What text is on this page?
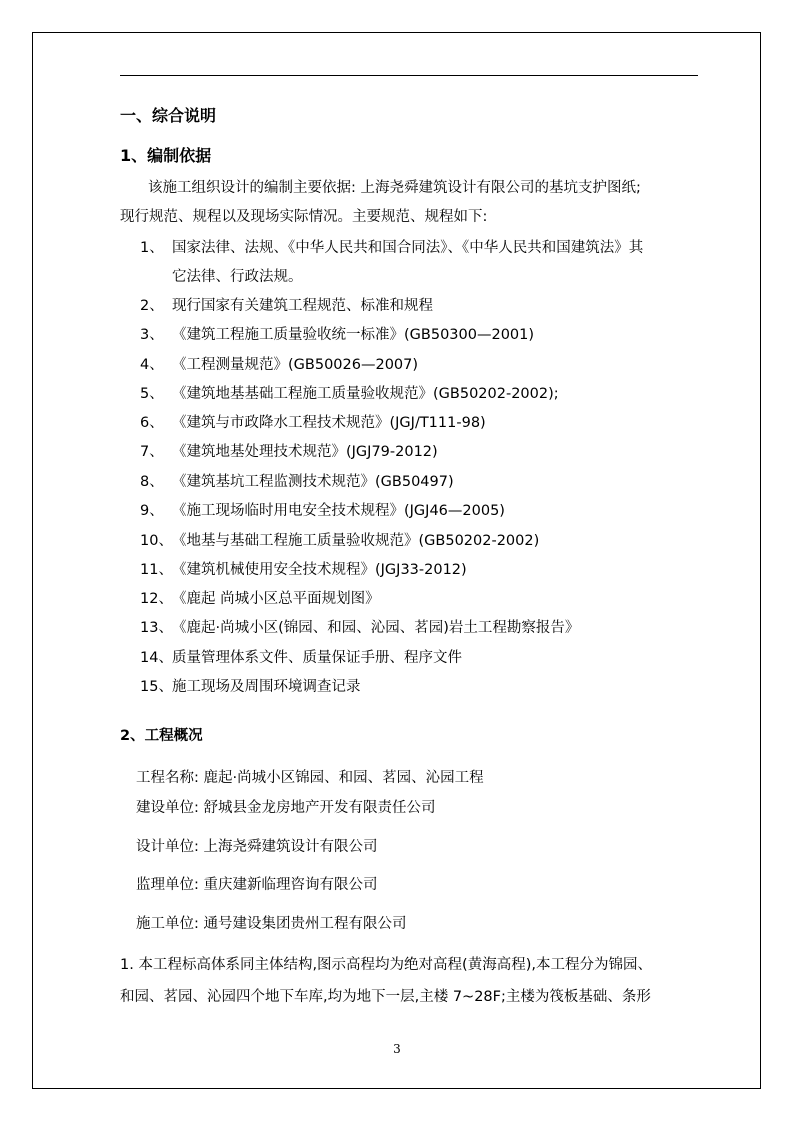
一、综合说明
1、编制依据
该施工组织设计的编制主要依据: 上海尧舜建筑设计有限公司的基坑支护图纸;
现行规范、规程以及现场实际情况。主要规范、规程如下:
1、 国家法律、法规、《中华人民共和国合同法》、《中华人民共和国建筑法》其
它法律、行政法规。
2、 现行国家有关建筑工程规范、标准和规程
3、 《建筑工程施工质量验收统一标准》(GB50300—2001)
4、 《工程测量规范》(GB50026—2007)
5、 《建筑地基基础工程施工质量验收规范》(GB50202-2002);
6、 《建筑与市政降水工程技术规范》(JGJ/T111-98)
7、 《建筑地基处理技术规范》(JGJ79-2012)
8、 《建筑基坑工程监测技术规范》(GB50497)
9、 《施工现场临时用电安全技术规程》(JGJ46—2005)
10、《地基与基础工程施工质量验收规范》(GB50202-2002)
11、《建筑机械使用安全技术规程》(JGJ33-2012)
12、《鹿起 尚城小区总平面规划图》
13、《鹿起·尚城小区(锦园、和园、沁园、茗园)岩土工程勘察报告》
14、质量管理体系文件、质量保证手册、程序文件
15、施工现场及周围环境调查记录
2、工程概况
工程名称: 鹿起·尚城小区锦园、和园、茗园、沁园工程
建设单位: 舒城县金龙房地产开发有限责任公司
设计单位: 上海尧舜建筑设计有限公司
监理单位: 重庆建新临理咨询有限公司
施工单位: 通号建设集团贵州工程有限公司
1. 本工程标高体系同主体结构,图示高程均为绝对高程(黄海高程),本工程分为锦园、
和园、茗园、沁园四个地下车库,均为地下一层,主楼 7~28F;主楼为筏板基础、条形
3
